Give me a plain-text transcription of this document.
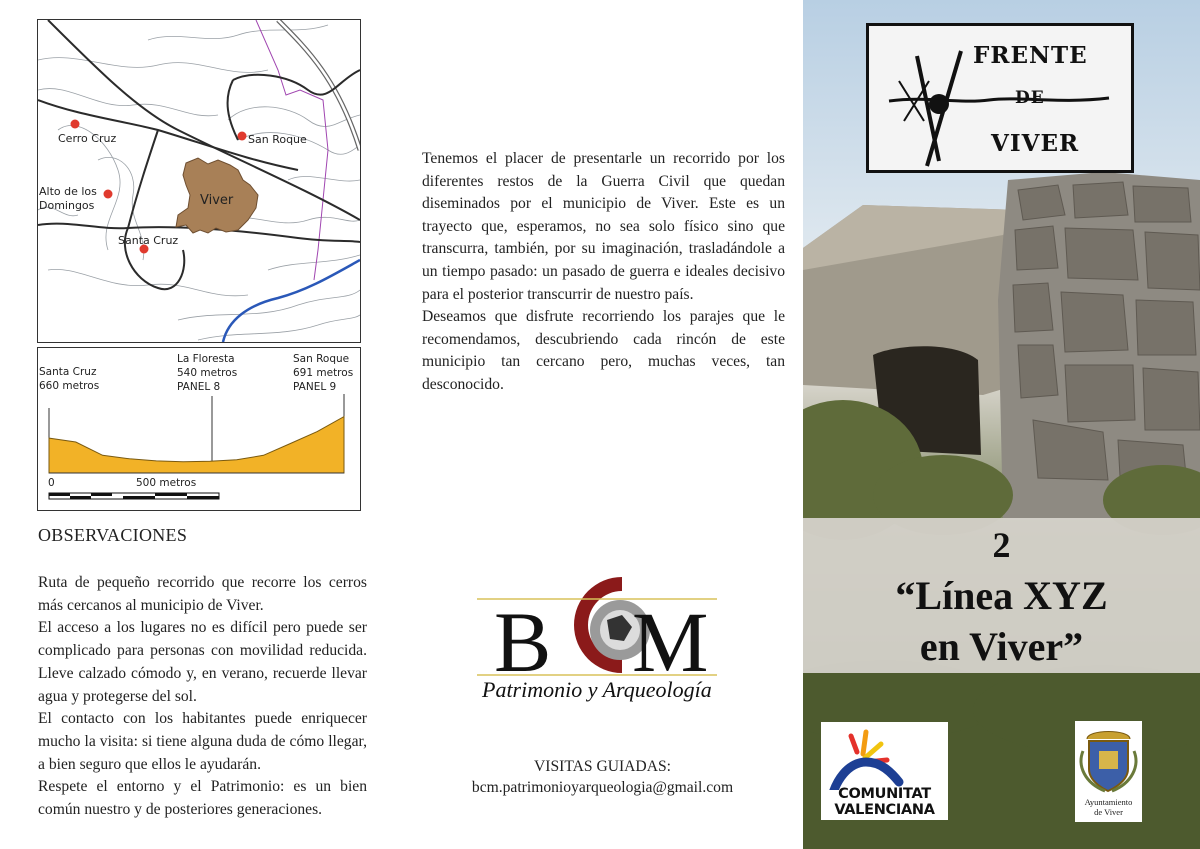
Viver
Cerro Cruz	San Roque
Alto de los
Domingos
Santa Cruz
Santa Cruz
660 metros
La Floresta
540 metros
PANEL 8
San Roque
691 metros
PANEL 9
0	500 metros
OBSERVACIONES

Ruta de pequeño recorrido que recorre los cerros más cercanos al municipio de Viver.

El acceso a los lugares no es difícil pero puede ser complicado para personas con movilidad reducida. Lleve calzado cómodo y, en verano, recuerde llevar agua y protegerse del sol.

El contacto con los habitantes puede enriquecer mucho la visita: si tiene alguna duda de cómo llegar, a bien seguro que ellos le ayudarán.

Respete el entorno y el Patrimonio: es un bien común nuestro y de posteriores generaciones.

Tenemos el placer de presentarle un recorrido por los diferentes restos de la Guerra Civil que quedan diseminados por el municipio de Viver. Este es un trayecto que, esperamos, no sea solo físico sino que transcurra, también, por su imaginación, trasladándole a un tiempo pasado: un pasado de guerra e ideales decisivo para el posterior transcurrir de nuestro país.

Deseamos que disfrute recorriendo los parajes que le recomendamos, descubriendo cada rincón de este municipio tan cercano pero, muchas veces, tan desconocido.

B M
Patrimonio y Arqueología
VISITAS GUIADAS:
bcm.patrimonioyarqueologia@gmail.com
FRENTE
DE
VIVER
2
“Línea XYZ
en Viver”
COMUNITAT
VALENCIANA	Ayuntamiento
de Viver
